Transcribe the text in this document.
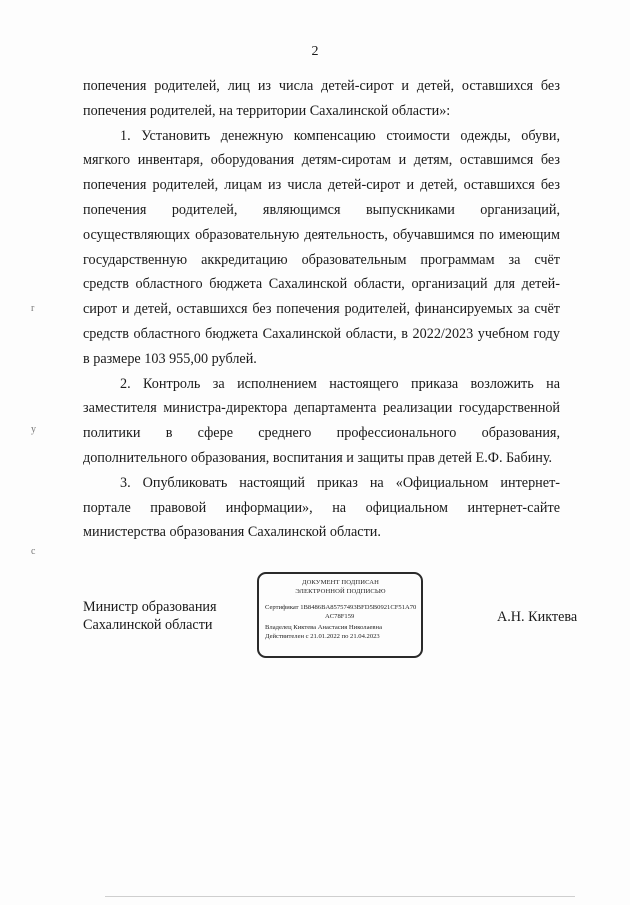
2

попечения родителей, лиц из числа детей-сирот и детей, оставшихся без

попечения родителей, на территории Сахалинской области»:

1. Установить денежную компенсацию стоимости одежды, обуви,

мягкого инвентаря, оборудования детям-сиротам и детям, оставшимся без

попечения родителей, лицам из числа детей-сирот и детей, оставшихся без

попечения родителей, являющимся выпускниками организаций,

осуществляющих образовательную деятельность, обучавшимся по имеющим

государственную аккредитацию образовательным программам за счёт

средств областного бюджета Сахалинской области, организаций для детей-

сирот и детей, оставшихся без попечения родителей, финансируемых за счёт

средств областного бюджета Сахалинской области, в 2022/2023 учебном году

в размере 103 955,00 рублей.

2. Контроль за исполнением настоящего приказа возложить на

заместителя министра-директора департамента реализации государственной

политики в сфере среднего профессионального образования,

дополнительного образования, воспитания и защиты прав детей Е.Ф. Бабину.

3. Опубликовать настоящий приказ на «Официальном интернет-

портале правовой информации», на официальном интернет-сайте

министерства образования Сахалинской области.

Министр образования
Сахалинской области
ДОКУМЕНТ ПОДПИСАН
ЭЛЕКТРОННОЙ ПОДПИСЬЮ
Сертификат 1B8486BA85757493BFD5B0921CF51A70
AC78F159
Владелец Киктева Анастасия Николаевна
Действителен с 21.01.2022 по 21.04.2023
А.Н. Киктева
r
у
с
